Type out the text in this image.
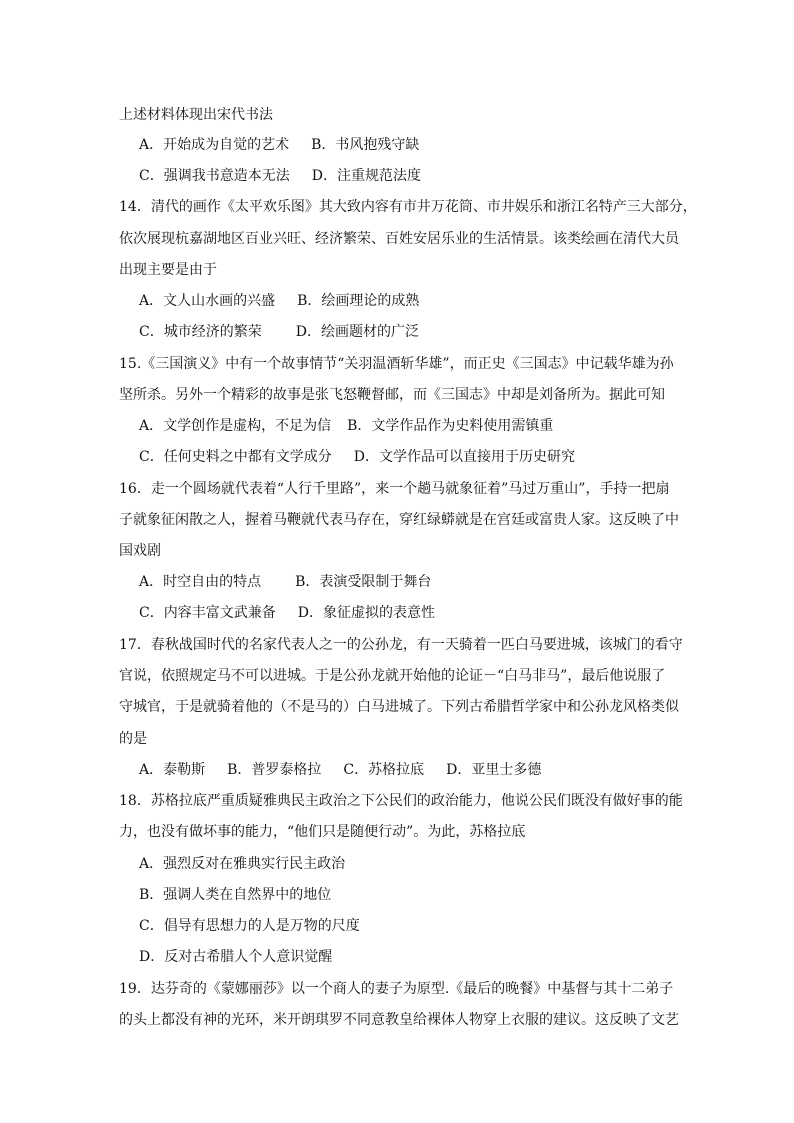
上述材料体现出宋代书法
A．开始成为自觉的艺术 B．书风抱残守缺
C．强调我书意造本无法 D．注重规范法度
14．清代的画作《太平欢乐图》其大致内容有市井万花筒、市井娱乐和浙江名特产三大部分，
依次展现杭嘉湖地区百业兴旺、经济繁荣、百姓安居乐业的生活情景。该类绘画在清代大员
出现主要是由于
A．文人山水画的兴盛 B．绘画理论的成熟
C．城市经济的繁荣 D．绘画题材的广泛
15.《三国演义》中有一个故事情节“关羽温酒斩华雄”，而正史《三国志》中记载华雄为孙
坚所杀。另外一个精彩的故事是张飞怒鞭督邮，而《三国志》中却是刘备所为。据此可知
A．文学创作是虚构，不足为信 B．文学作品作为史料使用需镇重
C．任何史料之中都有文学成分 D．文学作品可以直接用于历史研究
16．走一个圆场就代表着“人行千里路”，来一个趟马就象征着”马过万重山”，手持一把扇
子就象征闲散之人，握着马鞭就代表马存在，穿红绿蟒就是在宫廷或富贵人家。这反映了中
国戏剧
A．时空自由的特点 B．表演受限制于舞台
C．内容丰富文武兼备 D．象征虚拟的表意性
17．春秋战国时代的名家代表人之一的公孙龙，有一天骑着一匹白马要进城，该城门的看守
官说，依照规定马不可以进城。于是公孙龙就开始他的论证－“白马非马”，最后他说服了
守城官，于是就骑着他的（不是马的）白马进城了。下列古希腊哲学家中和公孙龙风格类似
的是
A．泰勒斯 B．普罗泰格拉 C．苏格拉底 D．亚里士多德
18．苏格拉底严重质疑雅典民主政治之下公民们的政治能力，他说公民们既没有做好事的能
力，也没有做坏事的能力，“他们只是随便行动”。为此，苏格拉底
A．强烈反对在雅典实行民主政治
B．强调人类在自然界中的地位
C．倡导有思想力的人是万物的尺度
D．反对古希腊人个人意识觉醒
19．达芬奇的《蒙娜丽莎》以一个商人的妻子为原型.《最后的晚餐》中基督与其十二弟子
的头上都没有神的光环，米开朗琪罗不同意教皇给裸体人物穿上衣服的建议。这反映了文艺
